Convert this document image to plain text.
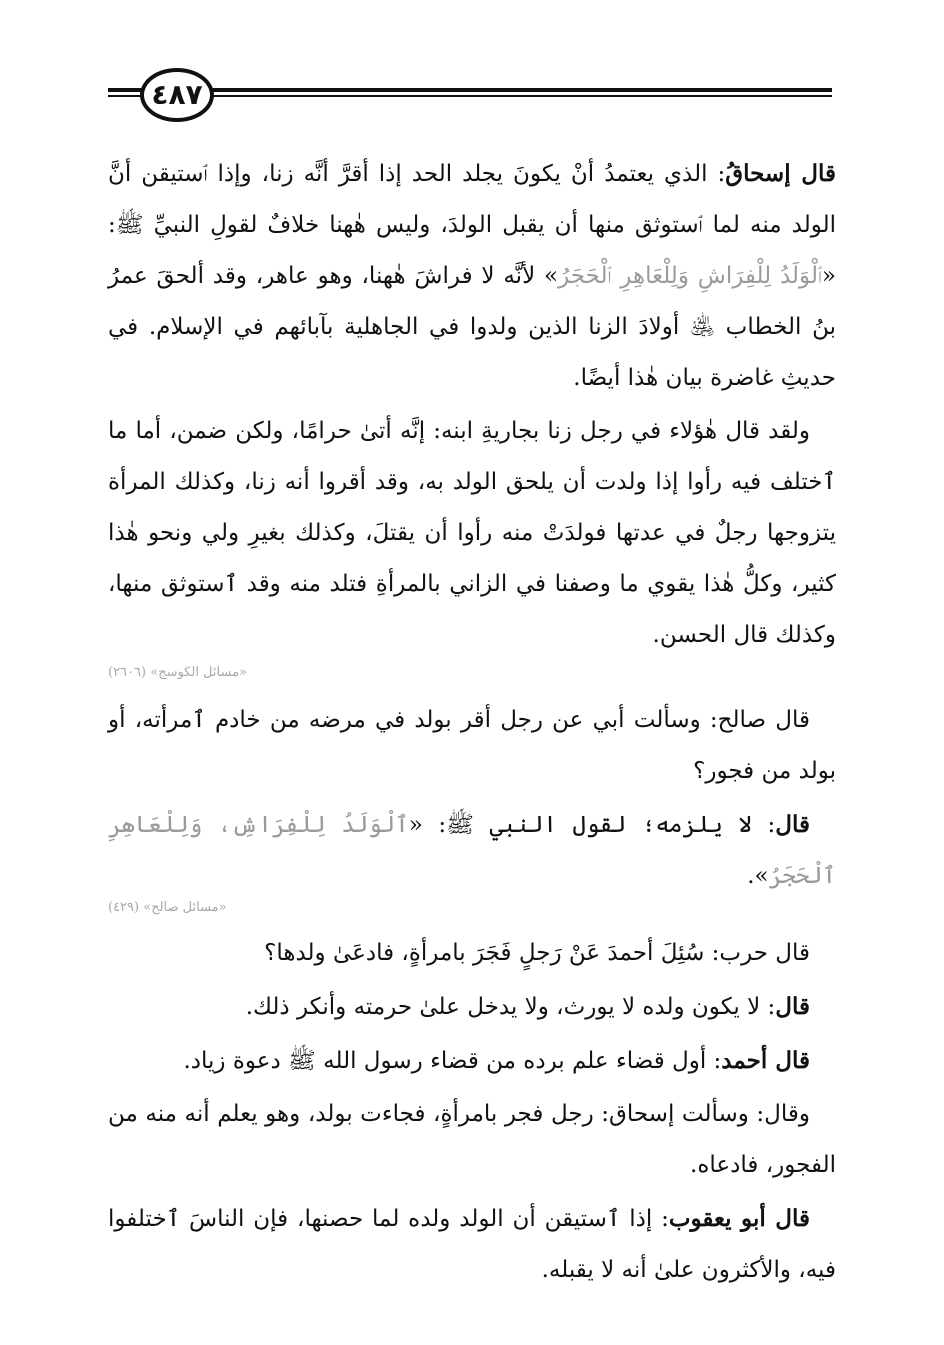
٤٨٧

قال إسحاقُ: الذي يعتمدُ أنْ يكونَ يجلد الحد إذا أقرَّ أنَّه زنا، وإذا ٱستيقن أنَّ الولد منه لما ٱستوثق منها أن يقبل الولدَ، وليس هٰهنا خلافٌ لقولِ النبيِّ ﷺ: «ٱلْوَلَدُ لِلْفِرَاشِ وَلِلْعَاهِرِ ٱلْحَجَرُ» لأنَّه لا فراشَ هٰهنا، وهو عاهر، وقد ألحقَ عمرُ بنُ الخطاب ﵁ أولادَ الزنا الذين ولدوا في الجاهلية بآبائهم في الإسلام. في حديثِ غاضرة بيان هٰذا أيضًا.

ولقد قال هٰؤلاء في رجل زنا بجاريةِ ابنه: إنَّه أتىٰ حرامًا، ولكن ضمن، أما ما ٱختلف فيه رأوا إذا ولدت أن يلحق الولد به، وقد أقروا أنه زنا، وكذلك المرأة يتزوجها رجلٌ في عدتها فولدَتْ منه رأوا أن يقتلَ، وكذلك بغيرِ ولي ونحو هٰذا كثير، وكلُّ هٰذا يقوي ما وصفنا في الزاني بالمرأةِ فتلد منه وقد ٱستوثق منها، وكذلك قال الحسن.

«مسائل الكوسج» (٢٦٠٦)

قال صالح: وسألت أبي عن رجل أقر بولد في مرضه من خادم ٱمرأته، أو بولد من فجور؟

قال: لا يلزمه؛ لقول النبي ﷺ: «ٱلْوَلَدُ لِلْفِرَاشِ، وَلِلْعَاهِرِ ٱلْحَجَرُ».

«مسائل صالح» (٤٢٩)

قال حرب: سُئِلَ أحمدَ عَنْ رَجلٍ فَجَرَ بامرأةٍ، فادعَىٰ ولدها؟

قال: لا يكون ولده لا يورث، ولا يدخل علىٰ حرمته وأنكر ذلك.

قال أحمد: أول قضاء علم برده من قضاء رسول الله ﷺ دعوة زياد.

وقال: وسألت إسحاق: رجل فجر بامرأةٍ، فجاءت بولد، وهو يعلم أنه منه من الفجور، فادعاه.

قال أبو يعقوب: إذا ٱستيقن أن الولد ولده لما حصنها، فإن الناسَ ٱختلفوا فيه، والأكثرون علىٰ أنه لا يقبله.
